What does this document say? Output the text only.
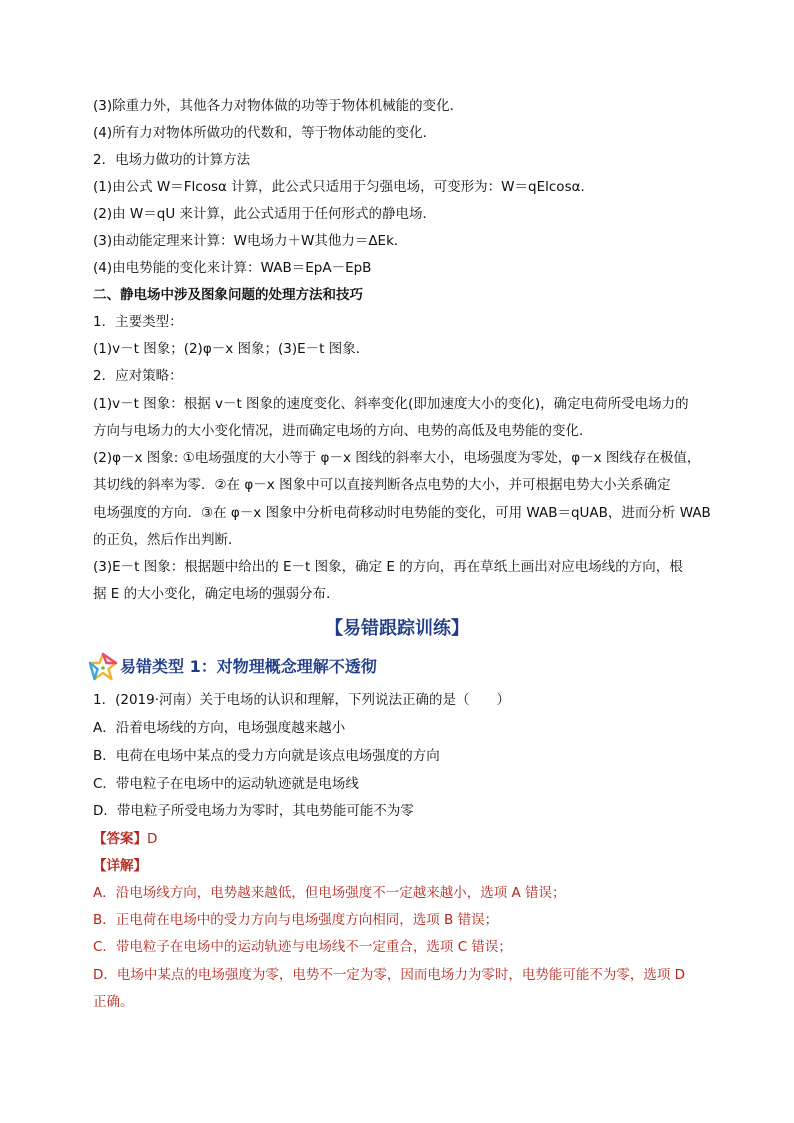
(3)除重力外，其他各力对物体做的功等于物体机械能的变化．
(4)所有力对物体所做功的代数和，等于物体动能的变化．
2．电场力做功的计算方法
(1)由公式 W＝Flcosα 计算，此公式只适用于匀强电场，可变形为：W＝qElcosα．
(2)由 W＝qU 来计算，此公式适用于任何形式的静电场．
(3)由动能定理来计算：W电场力＋W其他力＝ΔEk．
(4)由电势能的变化来计算：WAB＝EpA－EpB
二、静电场中涉及图象问题的处理方法和技巧
1．主要类型：
(1)v－t 图象；(2)φ－x 图象；(3)E－t 图象．
2．应对策略：
(1)v－t 图象：根据 v－t 图象的速度变化、斜率变化(即加速度大小的变化)，确定电荷所受电场力的
方向与电场力的大小变化情况，进而确定电场的方向、电势的高低及电势能的变化．
(2)φ－x 图象: ①电场强度的大小等于 φ－x 图线的斜率大小，电场强度为零处，φ－x 图线存在极值，
其切线的斜率为零．②在 φ－x 图象中可以直接判断各点电势的大小，并可根据电势大小关系确定
电场强度的方向．③在 φ－x 图象中分析电荷移动时电势能的变化，可用 WAB＝qUAB，进而分析 WAB
的正负，然后作出判断．
(3)E－t 图象：根据题中给出的 E－t 图象，确定 E 的方向，再在草纸上画出对应电场线的方向，根
据 E 的大小变化，确定电场的强弱分布．
【易错跟踪训练】
易错类型 1：对物理概念理解不透彻
1．(2019·河南）关于电场的认识和理解，下列说法正确的是（　　）
A．沿着电场线的方向，电场强度越来越小
B．电荷在电场中某点的受力方向就是该点电场强度的方向
C．带电粒子在电场中的运动轨迹就是电场线
D．带电粒子所受电场力为零时，其电势能可能不为零
【答案】D
【详解】
A．沿电场线方向，电势越来越低，但电场强度不一定越来越小，选项 A 错误；
B．正电荷在电场中的受力方向与电场强度方向相同，选项 B 错误；
C．带电粒子在电场中的运动轨迹与电场线不一定重合，选项 C 错误；
D．电场中某点的电场强度为零，电势不一定为零，因而电场力为零时，电势能可能不为零，选项 D
正确。
